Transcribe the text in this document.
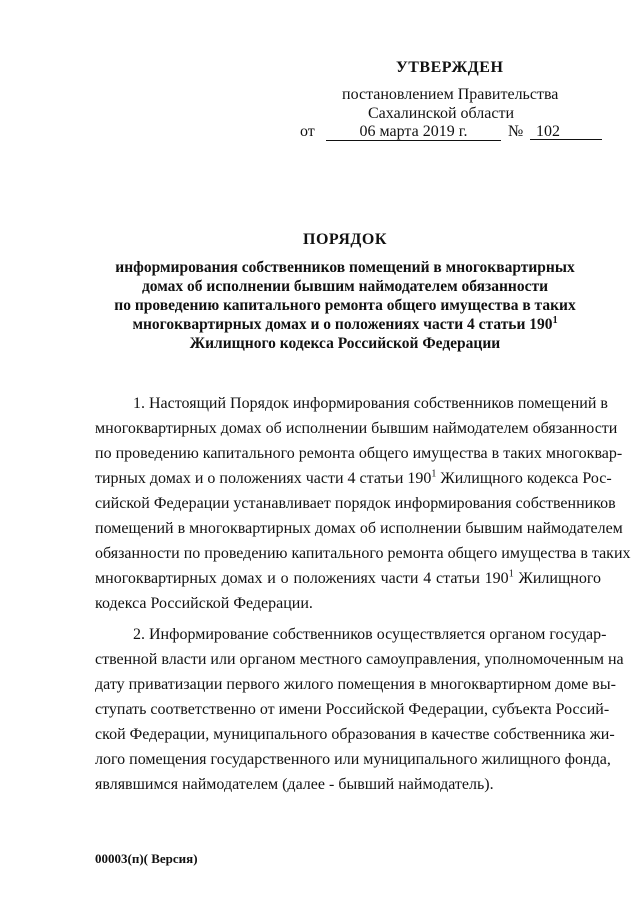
УТВЕРЖДЕН
постановлением Правительства
Сахалинской области
от	06 марта 2019 г.	№ 102
ПОРЯДОК
информирования собственников помещений в многоквартирных
домах об исполнении бывшим наймодателем обязанности
по проведению капитального ремонта общего имущества в таких
многоквартирных домах и о положениях части 4 статьи $190^1$
Жилищного кодекса Российской Федерации
1. Настоящий Порядок информирования собственников помещений в
многоквартирных домах об исполнении бывшим наймодателем обязанности
по проведению капитального ремонта общего имущества в таких многоквар-
тирных домах и о положениях части 4 статьи $190^1$ Жилищного кодекса Рос-
сийской Федерации устанавливает порядок информирования собственников
помещений в многоквартирных домах об исполнении бывшим наймодателем
обязанности по проведению капитального ремонта общего имущества в таких
многоквартирных домах и о положениях части 4 статьи $190^1$ Жилищного
кодекса Российской Федерации.
2. Информирование собственников осуществляется органом государ-
ственной власти или органом местного самоуправления, уполномоченным на
дату приватизации первого жилого помещения в многоквартирном доме вы-
ступать соответственно от имени Российской Федерации, субъекта Россий-
ской Федерации, муниципального образования в качестве собственника жи-
лого помещения государственного или муниципального жилищного фонда,
являвшимся наймодателем (далее - бывший наймодатель).
00003(п)( Версия)
